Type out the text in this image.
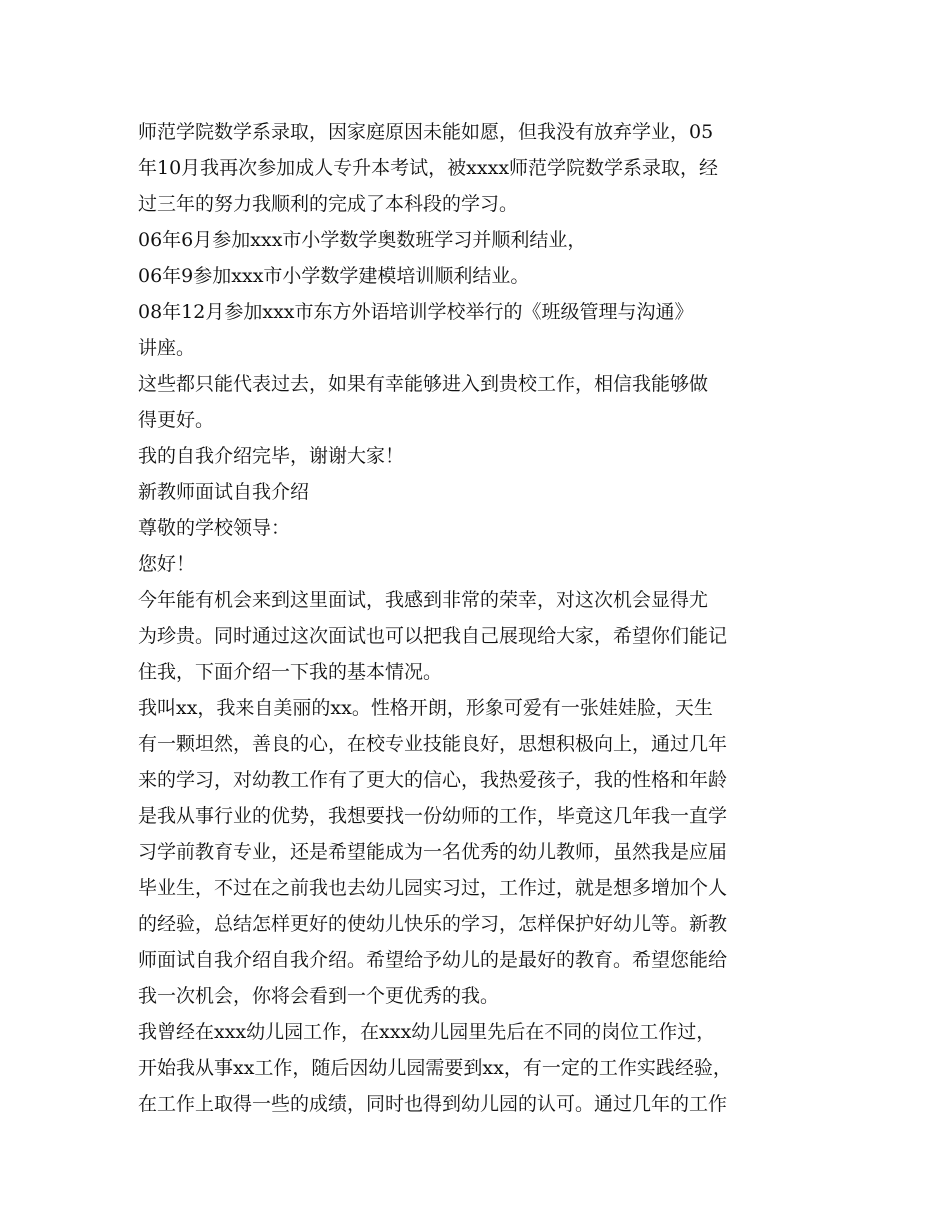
师范学院数学系录取，因家庭原因未能如愿，但我没有放弃学业，05
年10月我再次参加成人专升本考试，被xxxx师范学院数学系录取，经
过三年的努力我顺利的完成了本科段的学习。
06年6月参加xxx市小学数学奥数班学习并顺利结业，
06年9参加xxx市小学数学建模培训顺利结业。
08年12月参加xxx市东方外语培训学校举行的《班级管理与沟通》
讲座。
这些都只能代表过去，如果有幸能够进入到贵校工作，相信我能够做
得更好。
我的自我介绍完毕，谢谢大家！
新教师面试自我介绍
尊敬的学校领导：
您好！
今年能有机会来到这里面试，我感到非常的荣幸，对这次机会显得尤
为珍贵。同时通过这次面试也可以把我自己展现给大家，希望你们能记
住我，下面介绍一下我的基本情况。
我叫xx，我来自美丽的xx。性格开朗，形象可爱有一张娃娃脸，天生
有一颗坦然，善良的心，在校专业技能良好，思想积极向上，通过几年
来的学习，对幼教工作有了更大的信心，我热爱孩子，我的性格和年龄
是我从事行业的优势，我想要找一份幼师的工作，毕竟这几年我一直学
习学前教育专业，还是希望能成为一名优秀的幼儿教师，虽然我是应届
毕业生，不过在之前我也去幼儿园实习过，工作过，就是想多增加个人
的经验，总结怎样更好的使幼儿快乐的学习，怎样保护好幼儿等。新教
师面试自我介绍自我介绍。希望给予幼儿的是最好的教育。希望您能给
我一次机会，你将会看到一个更优秀的我。
我曾经在xxx幼儿园工作，在xxx幼儿园里先后在不同的岗位工作过，
开始我从事xx工作，随后因幼儿园需要到xx，有一定的工作实践经验，
在工作上取得一些的成绩，同时也得到幼儿园的认可。通过几年的工作
